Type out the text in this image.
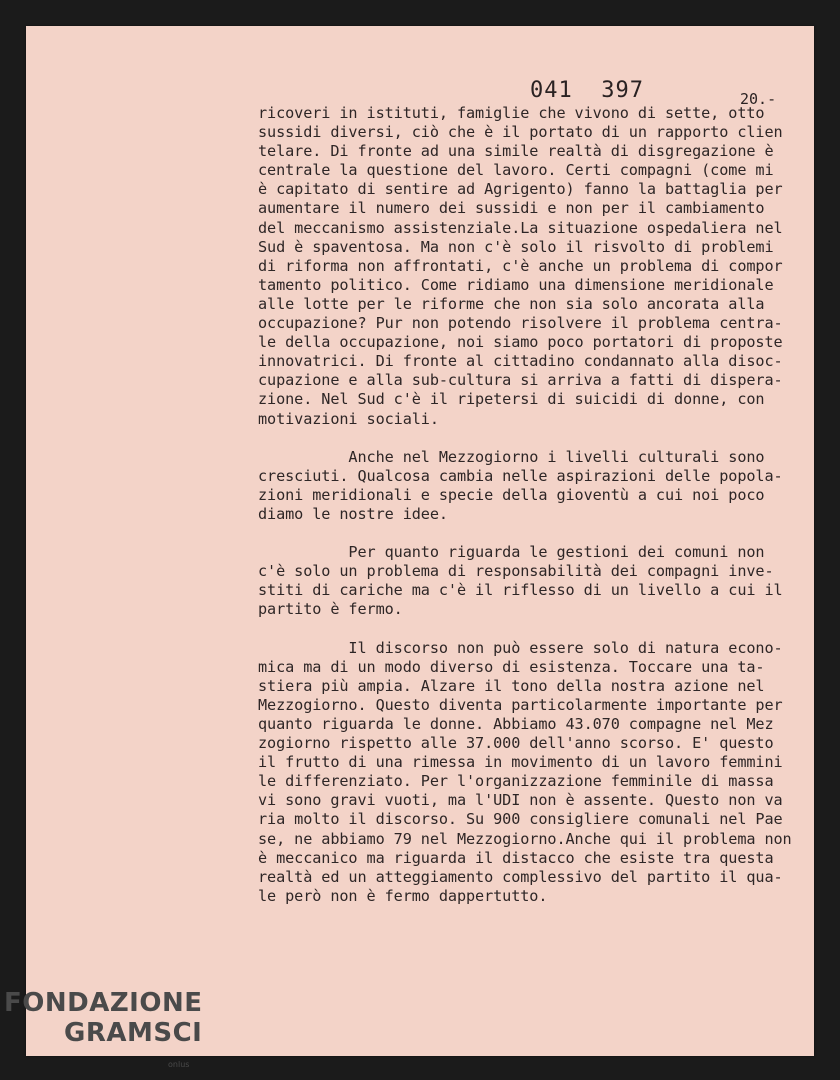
041  397	20.-
ricoveri in istituti, famiglie che vivono di sette, otto
sussidi diversi, ciò che è il portato di un rapporto clien
telare. Di fronte ad una simile realtà di disgregazione è
centrale la questione del lavoro. Certi compagni (come mi
è capitato di sentire ad Agrigento) fanno la battaglia per
aumentare il numero dei sussidi e non per il cambiamento
del meccanismo assistenziale.La situazione ospedaliera nel
Sud è spaventosa. Ma non c'è solo il risvolto di problemi
di riforma non affrontati, c'è anche un problema di compor
tamento politico. Come ridiamo una dimensione meridionale
alle lotte per le riforme che non sia solo ancorata alla
occupazione? Pur non potendo risolvere il problema centra-
le della occupazione, noi siamo poco portatori di proposte
innovatrici. Di fronte al cittadino condannato alla disoc-
cupazione e alla sub-cultura si arriva a fatti di dispera-
zione. Nel Sud c'è il ripetersi di suicidi di donne, con
motivazioni sociali.
Anche nel Mezzogiorno i livelli culturali sono
cresciuti. Qualcosa cambia nelle aspirazioni delle popola-
zioni meridionali e specie della gioventù a cui noi poco
diamo le nostre idee.
Per quanto riguarda le gestioni dei comuni non
c'è solo un problema di responsabilità dei compagni inve-
stiti di cariche ma c'è il riflesso di un livello a cui il
partito è fermo.
Il discorso non può essere solo di natura econo-
mica ma di un modo diverso di esistenza. Toccare una ta-
stiera più ampia. Alzare il tono della nostra azione nel
Mezzogiorno. Questo diventa particolarmente importante per
quanto riguarda le donne. Abbiamo 43.070 compagne nel Mez
zogiorno rispetto alle 37.000 dell'anno scorso. E' questo
il frutto di una rimessa in movimento di un lavoro femmini
le differenziato. Per l'organizzazione femminile di massa
vi sono gravi vuoti, ma l'UDI non è assente. Questo non va
ria molto il discorso. Su 900 consigliere comunali nel Pae
se, ne abbiamo 79 nel Mezzogiorno.Anche qui il problema non
è meccanico ma riguarda il distacco che esiste tra questa
realtà ed un atteggiamento complessivo del partito il qua-
le però non è fermo dappertutto.
FONDAZIONE
GRAMSCI
onlus
